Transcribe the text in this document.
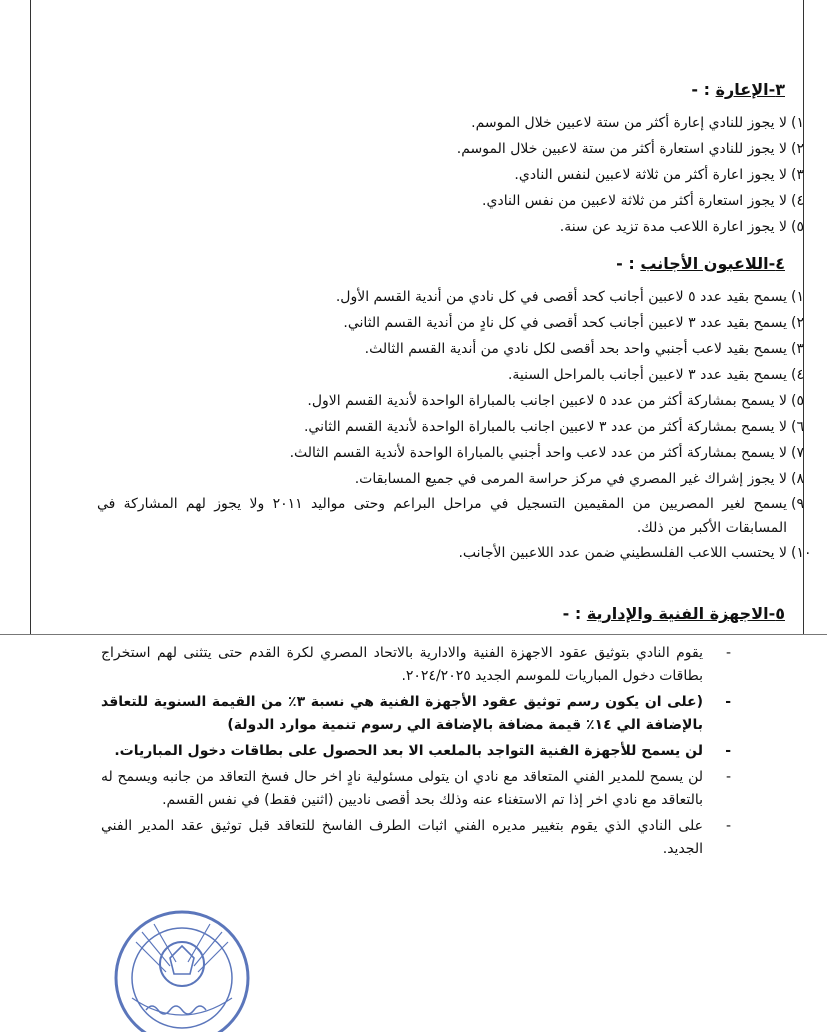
٣-الإعارة : -
١)
لا يجوز للنادي إعارة أكثر من ستة لاعبين خلال الموسم.
٢)
لا يجوز للنادي استعارة أكثر من ستة لاعبين خلال الموسم.
٣)
لا يجوز اعارة أكثر من ثلاثة لاعبين لنفس النادي.
٤)
لا يجوز استعارة أكثر من ثلاثة لاعبين من نفس النادي.
٥)
لا يجوز اعارة اللاعب مدة تزيد عن سنة.
٤-اللاعبون الأجانب : -
١)
يسمح بقيد عدد ٥ لاعبين أجانب كحد أقصى في كل نادي من أندية القسم الأول.
٢)
يسمح بقيد عدد ٣ لاعبين أجانب كحد أقصى في كل نادٍ من أندية القسم الثاني.
٣)
يسمح بقيد لاعب أجنبي واحد بحد أقصى لكل نادي من أندية القسم الثالث.
٤)
يسمح بقيد عدد ٣ لاعبين أجانب بالمراحل السنية.
٥)
لا يسمح بمشاركة أكثر من عدد ٥ لاعبين اجانب بالمباراة الواحدة لأندية القسم الاول.
٦)
لا يسمح بمشاركة أكثر من عدد ٣ لاعبين اجانب بالمباراة الواحدة لأندية القسم الثاني.
٧)
لا يسمح بمشاركة أكثر من عدد لاعب واحد أجنبي بالمباراة الواحدة لأندية القسم الثالث.
٨)
لا يجوز إشراك غير المصري في مركز حراسة المرمى في جميع المسابقات.
٩)
يسمح لغير المصريين من المقيمين التسجيل في مراحل البراعم وحتى مواليد ٢٠١١ ولا يجوز لهم المشاركة في المسابقات الأكبر من ذلك.
١٠)
لا يحتسب اللاعب الفلسطيني ضمن عدد اللاعبين الأجانب.
٥-الاجهزة الفنية والإدارية : -
-
يقوم النادي بتوثيق عقود الاجهزة الفنية والادارية بالاتحاد المصري لكرة القدم حتى يتثنى لهم استخراج بطاقات دخول المباريات للموسم الجديد ٢٠٢٤/٢٠٢٥.
-
(على ان يكون رسم توثيق عقود الأجهزة الفنية هي نسبة ٣٪ من القيمة السنوية للتعاقد بالإضافة الي ١٤٪ قيمة مضافة بالإضافة الي رسوم تنمية موارد الدولة)
-
لن يسمح للأجهزة الفنية التواجد بالملعب الا بعد الحصول على بطاقات دخول المباريات.
-
لن يسمح للمدير الفني المتعاقد مع نادي ان يتولى مسئولية نادٍ اخر حال فسخ التعاقد من جانبه ويسمح له بالتعاقد مع نادي اخر إذا تم الاستغناء عنه وذلك بحد أقصى ناديين (اثنين فقط) في نفس القسم.
-
على النادي الذي يقوم بتغيير مديره الفني اثبات الطرف الفاسخ للتعاقد قبل توثيق عقد المدير الفني الجديد.
